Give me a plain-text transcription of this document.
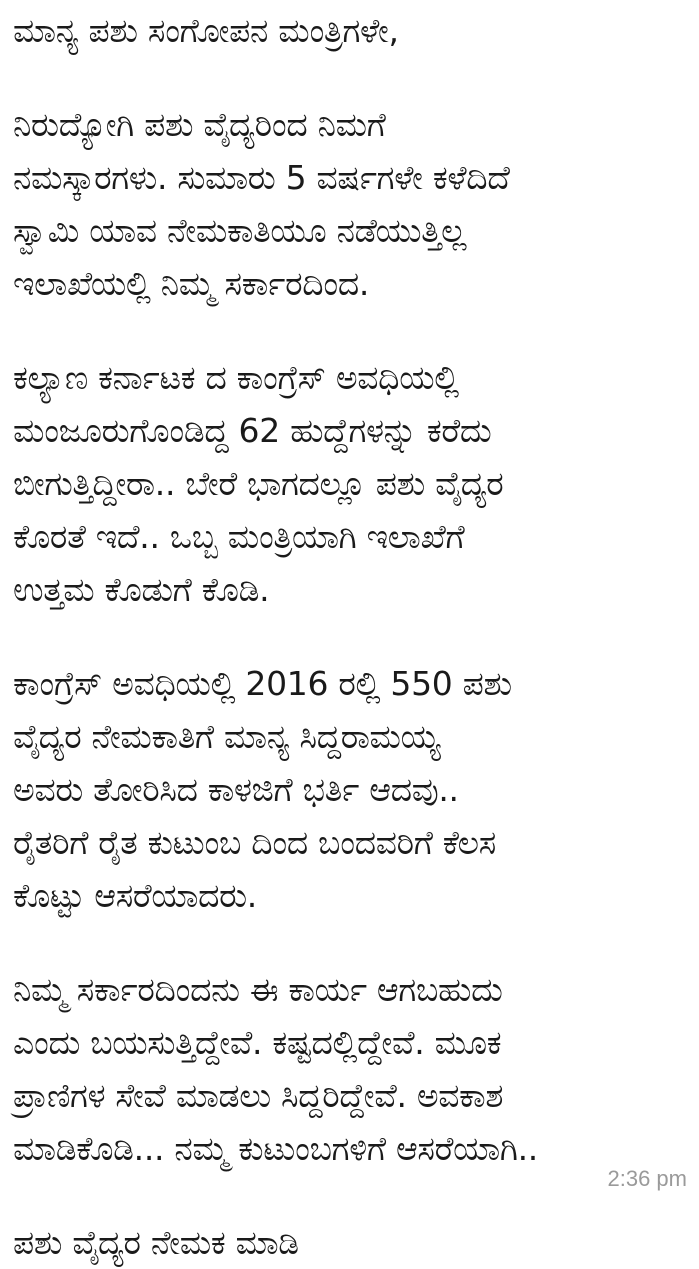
ಮಾನ್ಯ ಪಶು ಸಂಗೋಪನ ಮಂತ್ರಿಗಳೇ,

ನಿರುದ್ಯೋಗಿ ಪಶು ವೈದ್ಯರಿಂದ ನಿಮಗೆ
ನಮಸ್ಕಾರಗಳು. ಸುಮಾರು 5 ವರ್ಷಗಳೇ ಕಳೆದಿದೆ
ಸ್ವಾಮಿ ಯಾವ ನೇಮಕಾತಿಯೂ ನಡೆಯುತ್ತಿಲ್ಲ
ಇಲಾಖೆಯಲ್ಲಿ ನಿಮ್ಮ ಸರ್ಕಾರದಿಂದ.

ಕಲ್ಯಾಣ ಕರ್ನಾಟಕ ದ ಕಾಂಗ್ರೆಸ್ ಅವಧಿಯಲ್ಲಿ
ಮಂಜೂರುಗೊಂಡಿದ್ದ 62 ಹುದ್ದೆಗಳನ್ನು ಕರೆದು
ಬೀಗುತ್ತಿದ್ದೀರಾ.. ಬೇರೆ ಭಾಗದಲ್ಲೂ ಪಶು ವೈದ್ಯರ
ಕೊರತೆ ಇದೆ.. ಒಬ್ಬ ಮಂತ್ರಿಯಾಗಿ ಇಲಾಖೆಗೆ
ಉತ್ತಮ ಕೊಡುಗೆ ಕೊಡಿ.

ಕಾಂಗ್ರೆಸ್ ಅವಧಿಯಲ್ಲಿ 2016 ರಲ್ಲಿ 550 ಪಶು
ವೈದ್ಯರ ನೇಮಕಾತಿಗೆ ಮಾನ್ಯ ಸಿದ್ದರಾಮಯ್ಯ
ಅವರು ತೋರಿಸಿದ ಕಾಳಜಿಗೆ ಭರ್ತಿ ಆದವು..
ರೈತರಿಗೆ ರೈತ ಕುಟುಂಬ ದಿಂದ ಬಂದವರಿಗೆ ಕೆಲಸ
ಕೊಟ್ಟು ಆಸರೆಯಾದರು.

ನಿಮ್ಮ ಸರ್ಕಾರದಿಂದನು ಈ ಕಾರ್ಯ ಆಗಬಹುದು
ಎಂದು ಬಯಸುತ್ತಿದ್ದೇವೆ. ಕಷ್ಟದಲ್ಲಿದ್ದೇವೆ. ಮೂಕ
ಪ್ರಾಣಿಗಳ ಸೇವೆ ಮಾಡಲು ಸಿದ್ದರಿದ್ದೇವೆ. ಅವಕಾಶ
ಮಾಡಿಕೊಡಿ... ನಮ್ಮ ಕುಟುಂಬಗಳಿಗೆ ಆಸರೆಯಾಗಿ..

ಪಶು ವೈದ್ಯರ ನೇಮಕ ಮಾಡಿ

2:36 pm
